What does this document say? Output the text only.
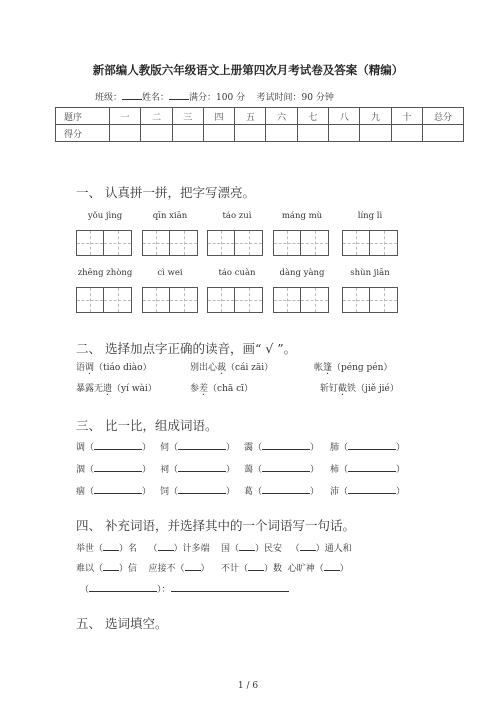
新部编人教版六年级语文上册第四次月考试卷及答案（精编）
班级： 姓名： 满分：100 分 考试时间：90 分钟
题序	一	二	三	四	五	六	七	八	九	十	总分
得分											
一、 认真拼一拼，把字写漂亮。
yǒu jìng	qīn xiān	táo zuì	máng mù	líng lì
zhēng zhòng	cì wei	táo cuàn	dàng yàng	shùn jiān
二、 选择加点字正确的读音，画“ √ ”。
语调（tiáo diào）	别出心裁（cái zāi）	帐篷（péng pén）
暴露无遗（yí wài）	参差（chā cī）	斩钉截铁（jiě jié）
三、 比一比，组成词语。
调（	） 伺（	） 霭（	） 肺（	）
涸（	） 祠（	） 蔼（	） 柿（	）
痼（	） 饲（	） 葛（	） 沛（	）
四、 补充词语，并选择其中的一个词语写一句话。
举世（ ）名 （ ）计多端 国（ ）民安 （ ）通人和
难以（ ）信 应接不（ ） 不计（ ）数 心旷神（ ）
（	）：
五、 选词填空。
1 / 6
